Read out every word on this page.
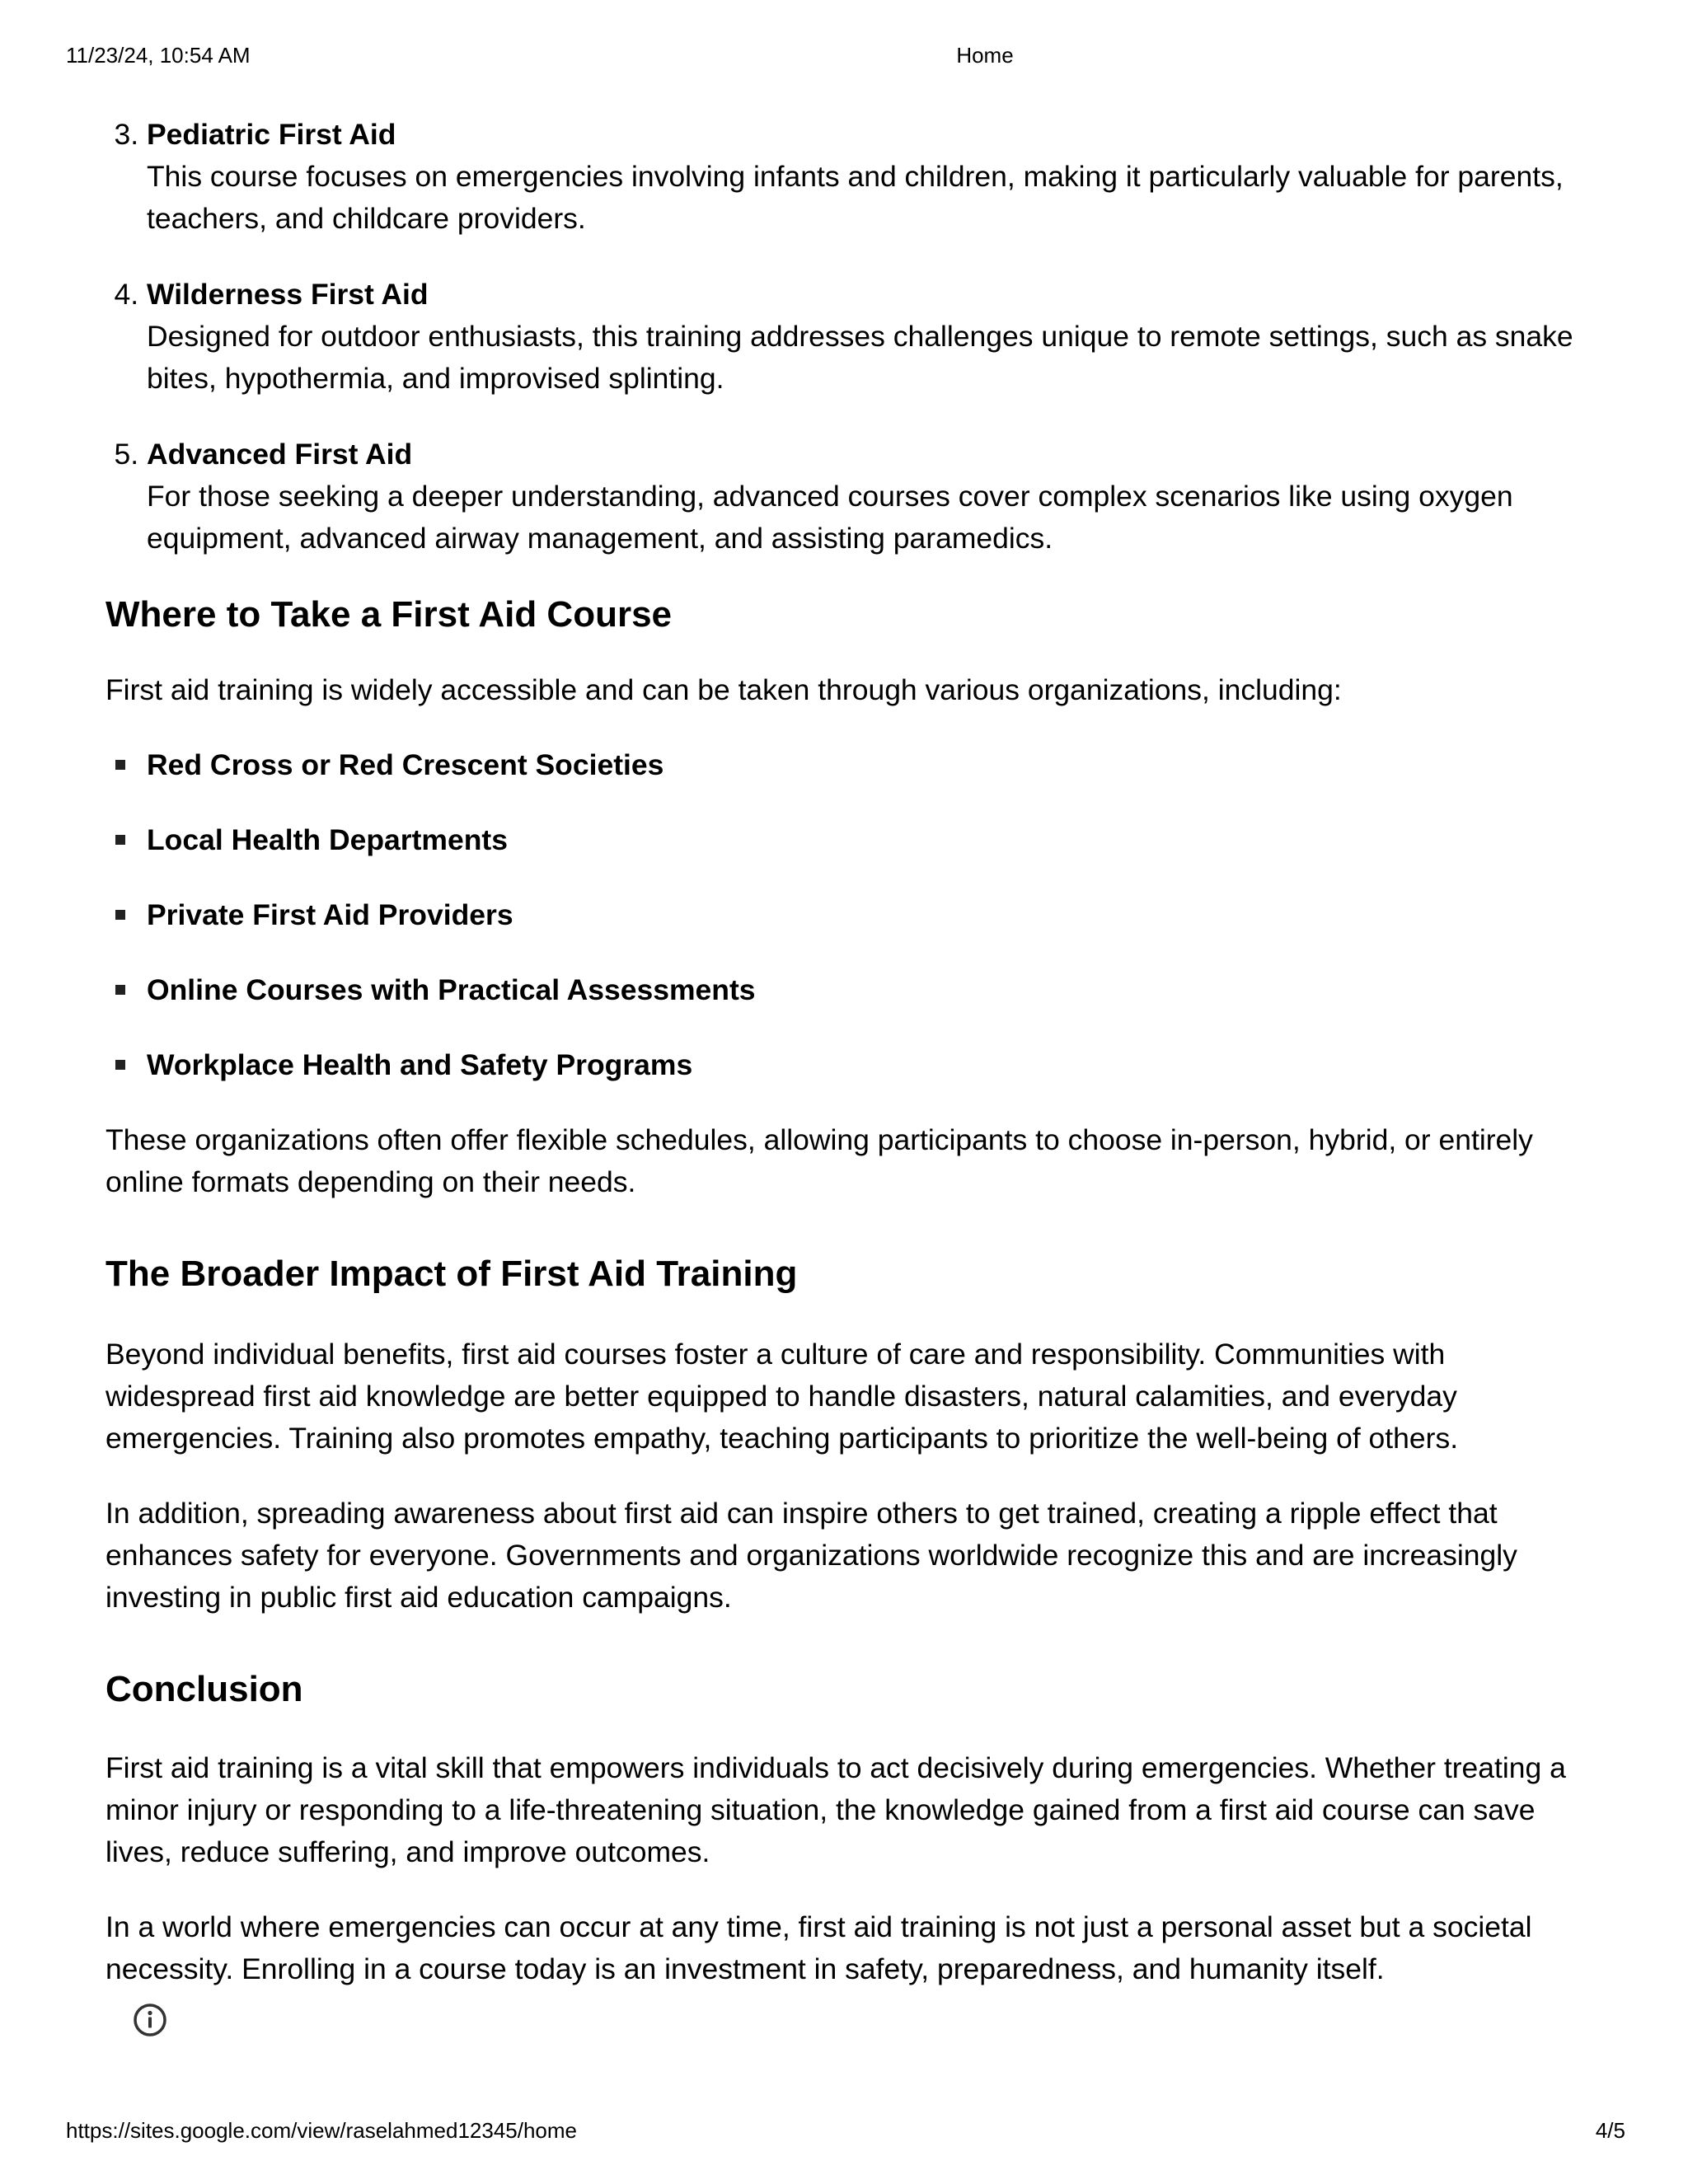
11/23/24, 10:54 AM	Home
3. Pediatric First Aid
This course focuses on emergencies involving infants and children, making it particularly valuable for parents, teachers, and childcare providers.
4. Wilderness First Aid
Designed for outdoor enthusiasts, this training addresses challenges unique to remote settings, such as snake bites, hypothermia, and improvised splinting.
5. Advanced First Aid
For those seeking a deeper understanding, advanced courses cover complex scenarios like using oxygen equipment, advanced airway management, and assisting paramedics.
Where to Take a First Aid Course

First aid training is widely accessible and can be taken through various organizations, including:

Red Cross or Red Crescent Societies
Local Health Departments
Private First Aid Providers
Online Courses with Practical Assessments
Workplace Health and Safety Programs

These organizations often offer flexible schedules, allowing participants to choose in-person, hybrid, or entirely online formats depending on their needs.

The Broader Impact of First Aid Training

Beyond individual benefits, first aid courses foster a culture of care and responsibility. Communities with widespread first aid knowledge are better equipped to handle disasters, natural calamities, and everyday emergencies. Training also promotes empathy, teaching participants to prioritize the well-being of others.

In addition, spreading awareness about first aid can inspire others to get trained, creating a ripple effect that enhances safety for everyone. Governments and organizations worldwide recognize this and are increasingly investing in public first aid education campaigns.

Conclusion

First aid training is a vital skill that empowers individuals to act decisively during emergencies. Whether treating a minor injury or responding to a life-threatening situation, the knowledge gained from a first aid course can save lives, reduce suffering, and improve outcomes.

In a world where emergencies can occur at any time, first aid training is not just a personal asset but a societal necessity. Enrolling in a course today is an investment in safety, preparedness, and humanity itself.

https://sites.google.com/view/raselahmed12345/home	4/5
